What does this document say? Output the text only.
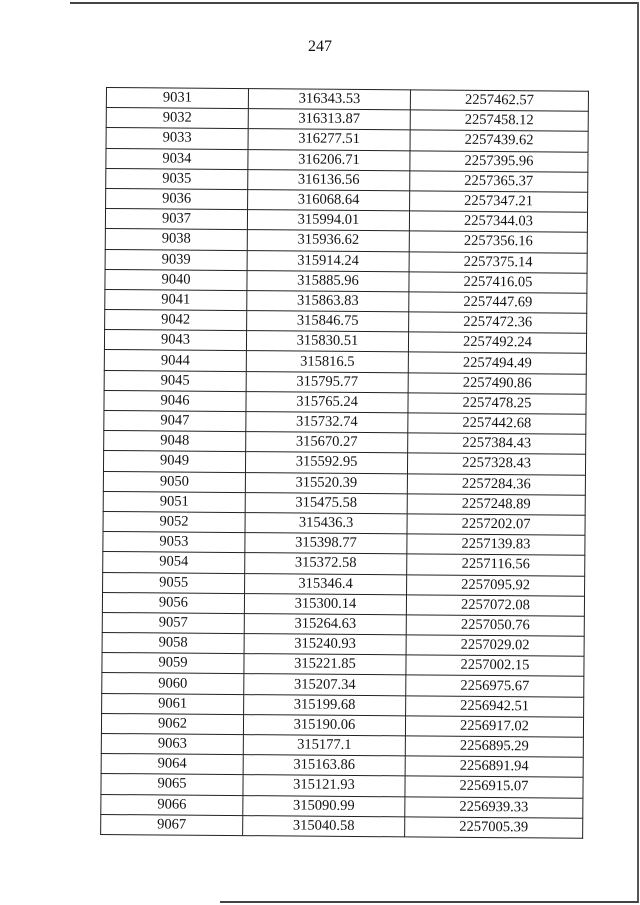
247
9031	316343.53	2257462.57
9032	316313.87	2257458.12
9033	316277.51	2257439.62
9034	316206.71	2257395.96
9035	316136.56	2257365.37
9036	316068.64	2257347.21
9037	315994.01	2257344.03
9038	315936.62	2257356.16
9039	315914.24	2257375.14
9040	315885.96	2257416.05
9041	315863.83	2257447.69
9042	315846.75	2257472.36
9043	315830.51	2257492.24
9044	315816.5	2257494.49
9045	315795.77	2257490.86
9046	315765.24	2257478.25
9047	315732.74	2257442.68
9048	315670.27	2257384.43
9049	315592.95	2257328.43
9050	315520.39	2257284.36
9051	315475.58	2257248.89
9052	315436.3	2257202.07
9053	315398.77	2257139.83
9054	315372.58	2257116.56
9055	315346.4	2257095.92
9056	315300.14	2257072.08
9057	315264.63	2257050.76
9058	315240.93	2257029.02
9059	315221.85	2257002.15
9060	315207.34	2256975.67
9061	315199.68	2256942.51
9062	315190.06	2256917.02
9063	315177.1	2256895.29
9064	315163.86	2256891.94
9065	315121.93	2256915.07
9066	315090.99	2256939.33
9067	315040.58	2257005.39
